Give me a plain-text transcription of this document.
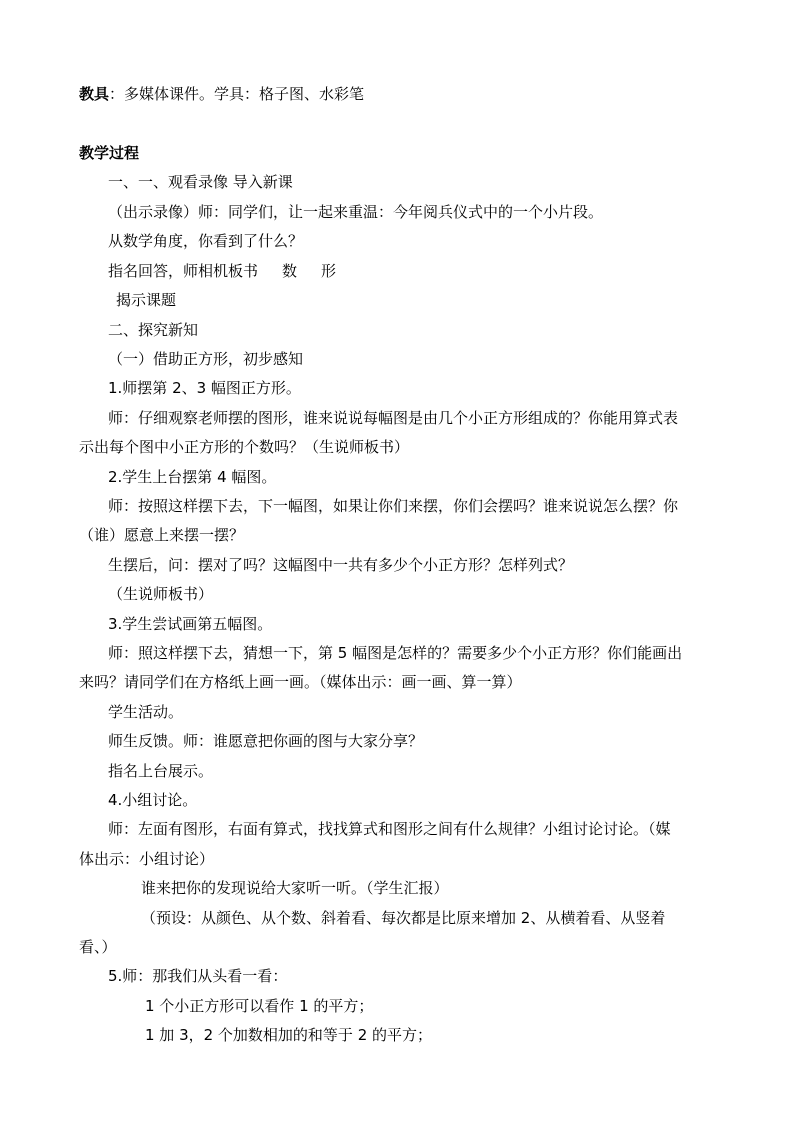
教具：多媒体课件。学具：格子图、水彩笔
教学过程
一、一、观看录像 导入新课
（出示录像）师：同学们，让一起来重温：今年阅兵仪式中的一个小片段。
从数学角度，你看到了什么？
指名回答，师相机板书 数 形
揭示课题
二、探究新知
（一）借助正方形，初步感知
1.师摆第 2、3 幅图正方形。
师：仔细观察老师摆的图形，谁来说说每幅图是由几个小正方形组成的？你能用算式表
示出每个图中小正方形的个数吗？（生说师板书）
2.学生上台摆第 4 幅图。
师：按照这样摆下去，下一幅图，如果让你们来摆，你们会摆吗？谁来说说怎么摆？你
（谁）愿意上来摆一摆？
生摆后，问：摆对了吗？这幅图中一共有多少个小正方形？怎样列式？
（生说师板书）
3.学生尝试画第五幅图。
师：照这样摆下去，猜想一下，第 5 幅图是怎样的？需要多少个小正方形？你们能画出
来吗？请同学们在方格纸上画一画。（媒体出示：画一画、算一算）
学生活动。
师生反馈。师：谁愿意把你画的图与大家分享？
指名上台展示。
4.小组讨论。
师：左面有图形，右面有算式，找找算式和图形之间有什么规律？小组讨论讨论。（媒
体出示：小组讨论）
谁来把你的发现说给大家听一听。（学生汇报）
（预设：从颜色、从个数、斜着看、每次都是比原来增加 2、从横着看、从竖着
看、）
5.师：那我们从头看一看：
1 个小正方形可以看作 1 的平方；
1 加 3，2 个加数相加的和等于 2 的平方；
